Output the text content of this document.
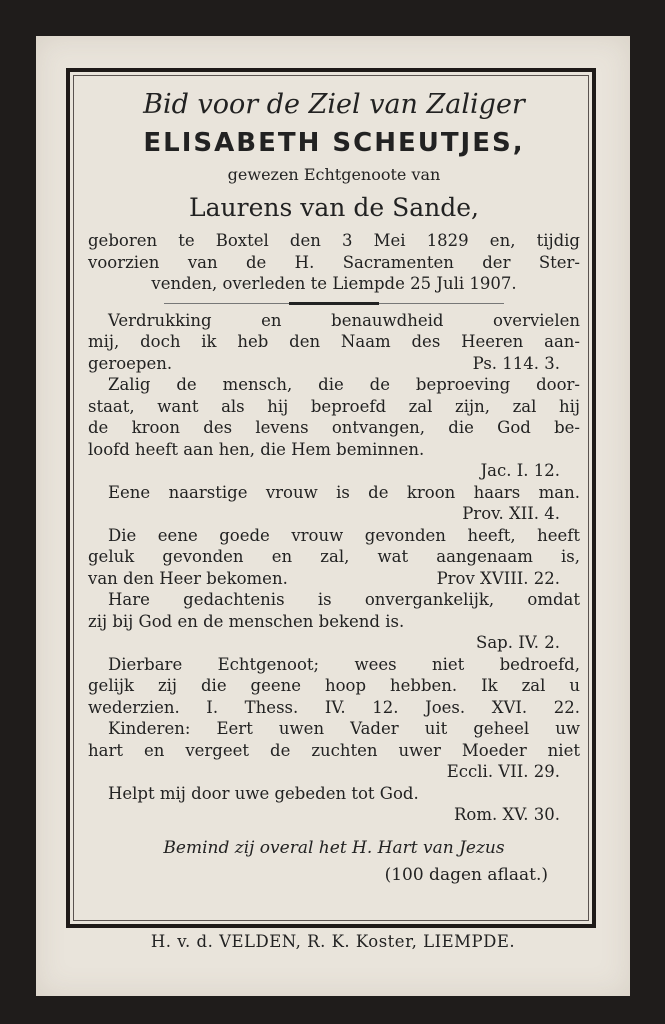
Bid voor de Ziel van Zaliger
ELISABETH SCHEUTJES,
gewezen Echtgenoote van
Laurens van de Sande,
geboren te Boxtel den 3 Mei 1829 en, tijdig
voorzien van de H. Sacramenten der Ster-
venden, overleden te Liempde 25 Juli 1907.
Verdrukking en benauwdheid overvielen
mij, doch ik heb den Naam des Heeren aan-
geroepen.	Ps. 114. 3.
Zalig de mensch, die de beproeving door-
staat, want als hij beproefd zal zijn, zal hij
de kroon des levens ontvangen, die God be-
loofd heeft aan hen, die Hem beminnen.
Jac. I. 12.
Eene naarstige vrouw is de kroon haars man.
Prov. XII. 4.
Die eene goede vrouw gevonden heeft, heeft
geluk gevonden en zal, wat aangenaam is,
van den Heer bekomen.	Prov XVIII. 22.
Hare gedachtenis is onvergankelijk, omdat
zij bij God en de menschen bekend is.
Sap. IV. 2.
Dierbare Echtgenoot; wees niet bedroefd,
gelijk zij die geene hoop hebben. Ik zal u
wederzien. I. Thess. IV. 12. Joes. XVI. 22.
Kinderen: Eert uwen Vader uit geheel uw
hart en vergeet de zuchten uwer Moeder niet
Eccli. VII. 29.
Helpt mij door uwe gebeden tot God.
Rom. XV. 30.
Bemind zij overal het H. Hart van Jezus
(100 dagen aflaat.)
H. v. d. VELDEN, R. K. Koster, LIEMPDE.
